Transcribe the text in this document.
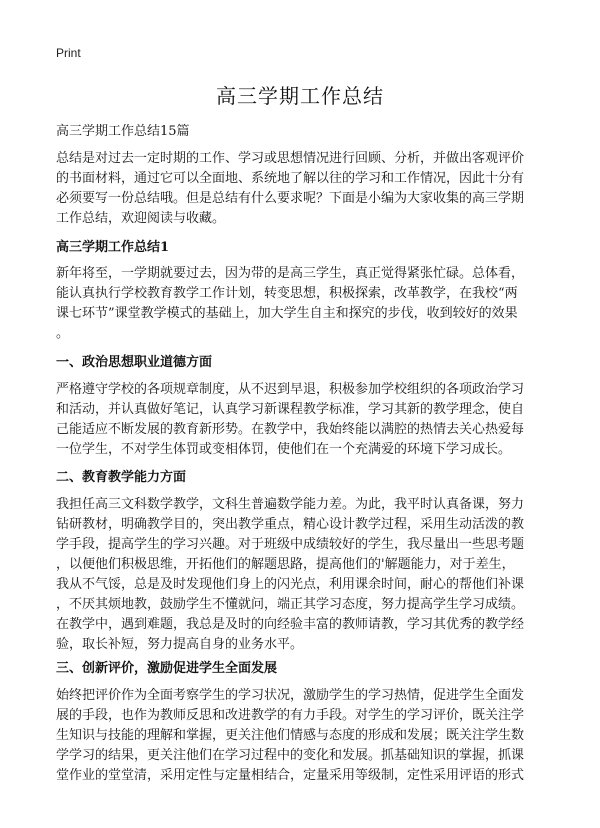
Print
高三学期工作总结
高三学期工作总结15篇
总结是对过去一定时期的工作、学习或思想情况进行回顾、分析，并做出客观评价
的书面材料，通过它可以全面地、系统地了解以往的学习和工作情况，因此十分有
必须要写一份总结哦。但是总结有什么要求呢？下面是小编为大家收集的高三学期
工作总结，欢迎阅读与收藏。
高三学期工作总结1
新年将至，一学期就要过去，因为带的是高三学生，真正觉得紧张忙碌。总体看，
能认真执行学校教育教学工作计划，转变思想，积极探索，改革教学，在我校“两
课七环节”课堂教学模式的基础上，加大学生自主和探究的步伐，收到较好的效果
。
一、政治思想职业道德方面
严格遵守学校的各项规章制度，从不迟到早退，积极参加学校组织的各项政治学习
和活动，并认真做好笔记，认真学习新课程教学标准，学习其新的教学理念，使自
己能适应不断发展的教育新形势。在教学中，我始终能以满腔的热情去关心热爱每
一位学生，不对学生体罚或变相体罚，使他们在一个充满爱的环境下学习成长。
二、教育教学能力方面
我担任高三文科数学教学，文科生普遍数学能力差。为此，我平时认真备课，努力
钻研教材，明确教学目的，突出教学重点，精心设计教学过程，采用生动活泼的教
学手段，提高学生的学习兴趣。对于班级中成绩较好的学生，我尽量出一些思考题
，以便他们积极思维，开拓他们的解题思路，提高他们的'解题能力，对于差生，
我从不气馁，总是及时发现他们身上的闪光点，利用课余时间，耐心的帮他们补课
，不厌其烦地教，鼓励学生不懂就问，端正其学习态度，努力提高学生学习成绩。
在教学中，遇到难题，我总是及时的向经验丰富的教师请教，学习其优秀的教学经
验，取长补短，努力提高自身的业务水平。
三、创新评价，激励促进学生全面发展
始终把评价作为全面考察学生的学习状况，激励学生的学习热情，促进学生全面发
展的手段，也作为教师反思和改进教学的有力手段。对学生的学习评价，既关注学
生知识与技能的理解和掌握，更关注他们情感与态度的形成和发展；既关注学生数
学学习的结果，更关注他们在学习过程中的变化和发展。抓基础知识的掌握，抓课
堂作业的堂堂清，采用定性与定量相结合，定量采用等级制，定性采用评语的形式
